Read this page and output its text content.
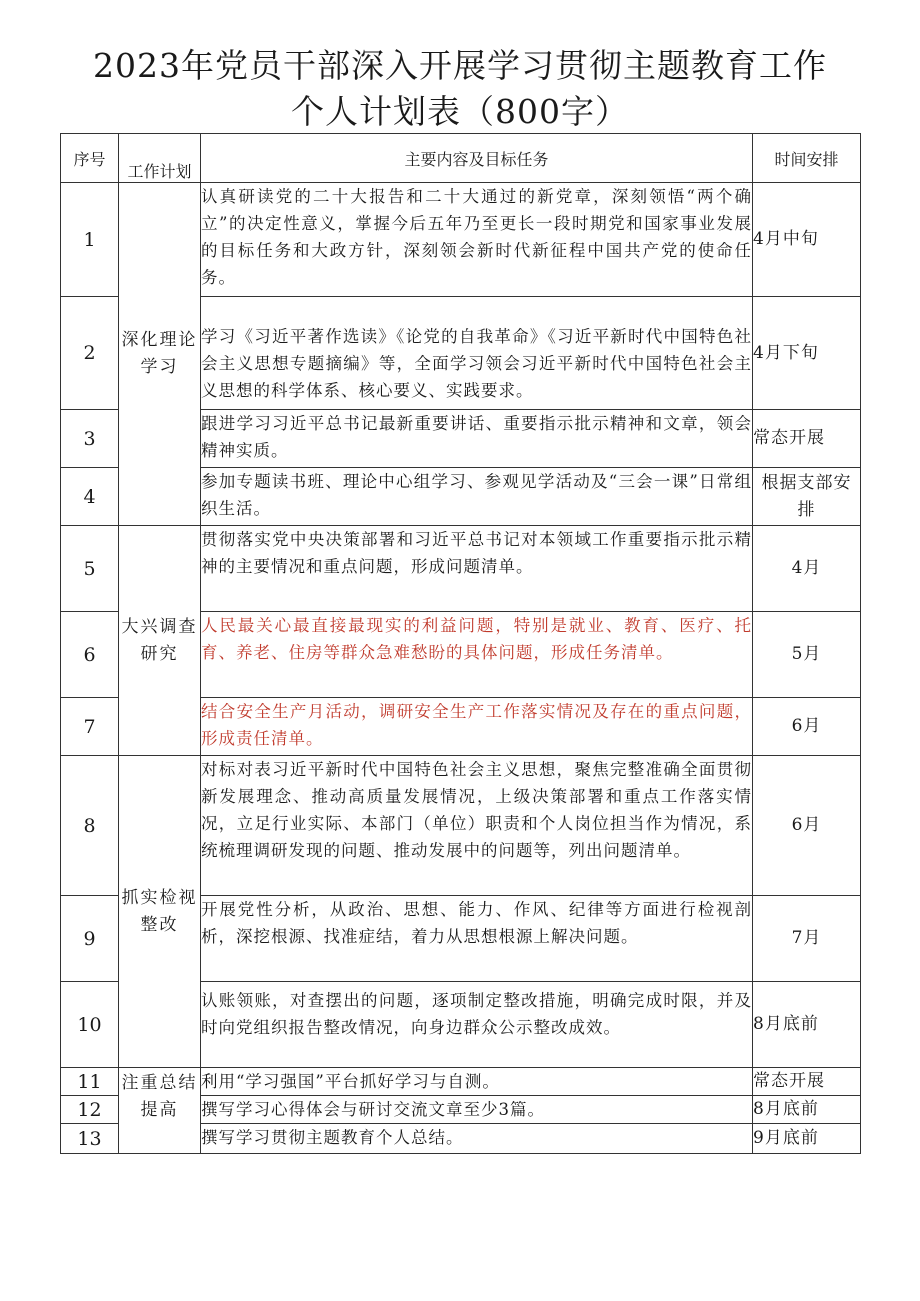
2023年党员干部深入开展学习贯彻主题教育工作
个人计划表（800字）
序号	工作计划	主要内容及目标任务	时间安排
1	深化理论学习	认真研读党的二十大报告和二十大通过的新党章，深刻领悟“两个确立”的决定性意义，掌握今后五年乃至更长一段时期党和国家事业发展的目标任务和大政方针，深刻领会新时代新征程中国共产党的使命任务。	4月中旬
2		学习《习近平著作选读》《论党的自我革命》《习近平新时代中国特色社会主义思想专题摘编》等，全面学习领会习近平新时代中国特色社会主义思想的科学体系、核心要义、实践要求。	4月下旬
3		跟进学习习近平总书记最新重要讲话、重要指示批示精神和文章，领会精神实质。	常态开展
4		参加专题读书班、理论中心组学习、参观见学活动及“三会一课”日常组织生活。	根据支部安排
5	大兴调查研究	贯彻落实党中央决策部署和习近平总书记对本领域工作重要指示批示精神的主要情况和重点问题，形成问题清单。	4月
6		人民最关心最直接最现实的利益问题，特别是就业、教育、医疗、托育、养老、住房等群众急难愁盼的具体问题，形成任务清单。	5月
7		结合安全生产月活动，调研安全生产工作落实情况及存在的重点问题，形成责任清单。	6月
8	抓实检视整改	对标对表习近平新时代中国特色社会主义思想，聚焦完整准确全面贯彻新发展理念、推动高质量发展情况，上级决策部署和重点工作落实情况，立足行业实际、本部门（单位）职责和个人岗位担当作为情况，系统梳理调研发现的问题、推动发展中的问题等，列出问题清单。	6月
9		开展党性分析，从政治、思想、能力、作风、纪律等方面进行检视剖析，深挖根源、找准症结，着力从思想根源上解决问题。	7月
10		认账领账，对查摆出的问题，逐项制定整改措施，明确完成时限，并及时向党组织报告整改情况，向身边群众公示整改成效。	8月底前
11	注重总结提高	利用“学习强国”平台抓好学习与自测。	常态开展
12		撰写学习心得体会与研讨交流文章至少3篇。	8月底前
13		撰写学习贯彻主题教育个人总结。	9月底前
